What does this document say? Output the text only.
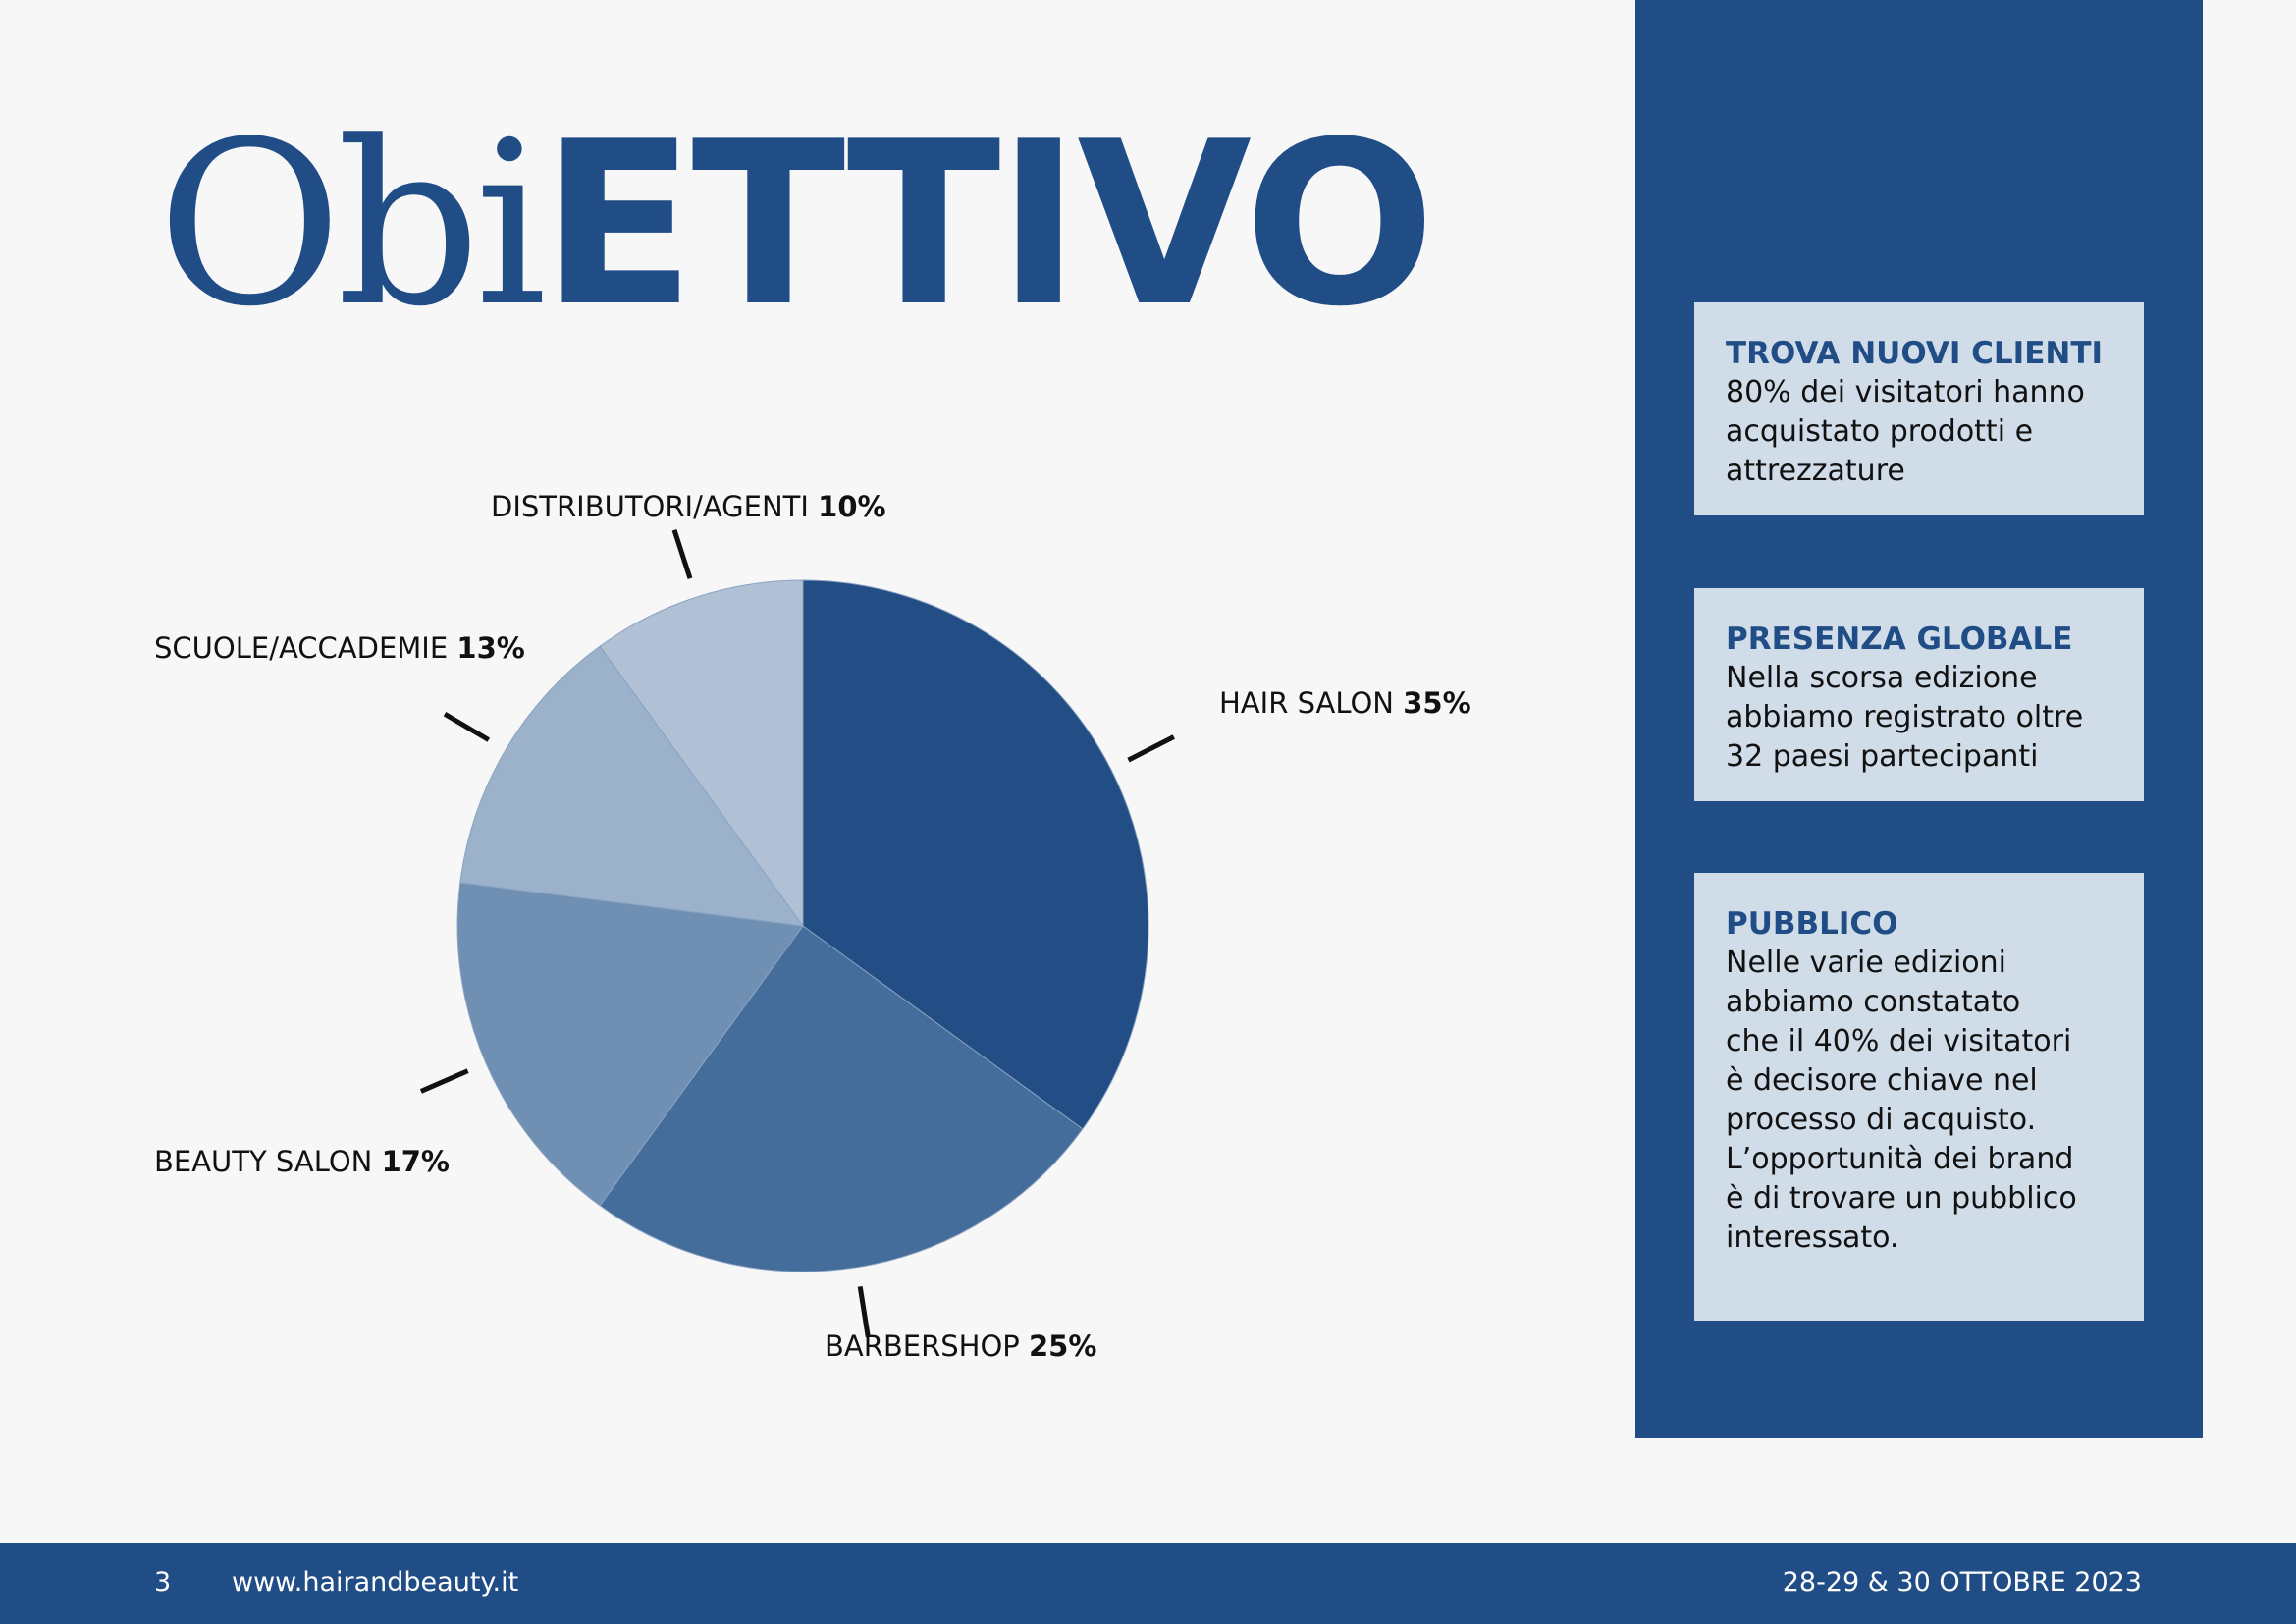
ObiETTIVO
HAIR SALON 35%
BARBERSHOP 25%
BEAUTY SALON 17%
SCUOLE/ACCADEMIE 13%
DISTRIBUTORI/AGENTI 10%
TROVA NUOVI CLIENTI
80% dei visitatori hanno
acquistato prodotti e
attrezzature
PRESENZA GLOBALE
Nella scorsa edizione
abbiamo registrato oltre
32 paesi partecipanti
PUBBLICO
Nelle varie edizioni
abbiamo constatato
che il 40% dei visitatori
è decisore chiave nel
processo di acquisto.
L’opportunità dei brand
è di trovare un pubblico
interessato.
3 www.hairandbeauty.it	28-29 & 30 OTTOBRE 2023
